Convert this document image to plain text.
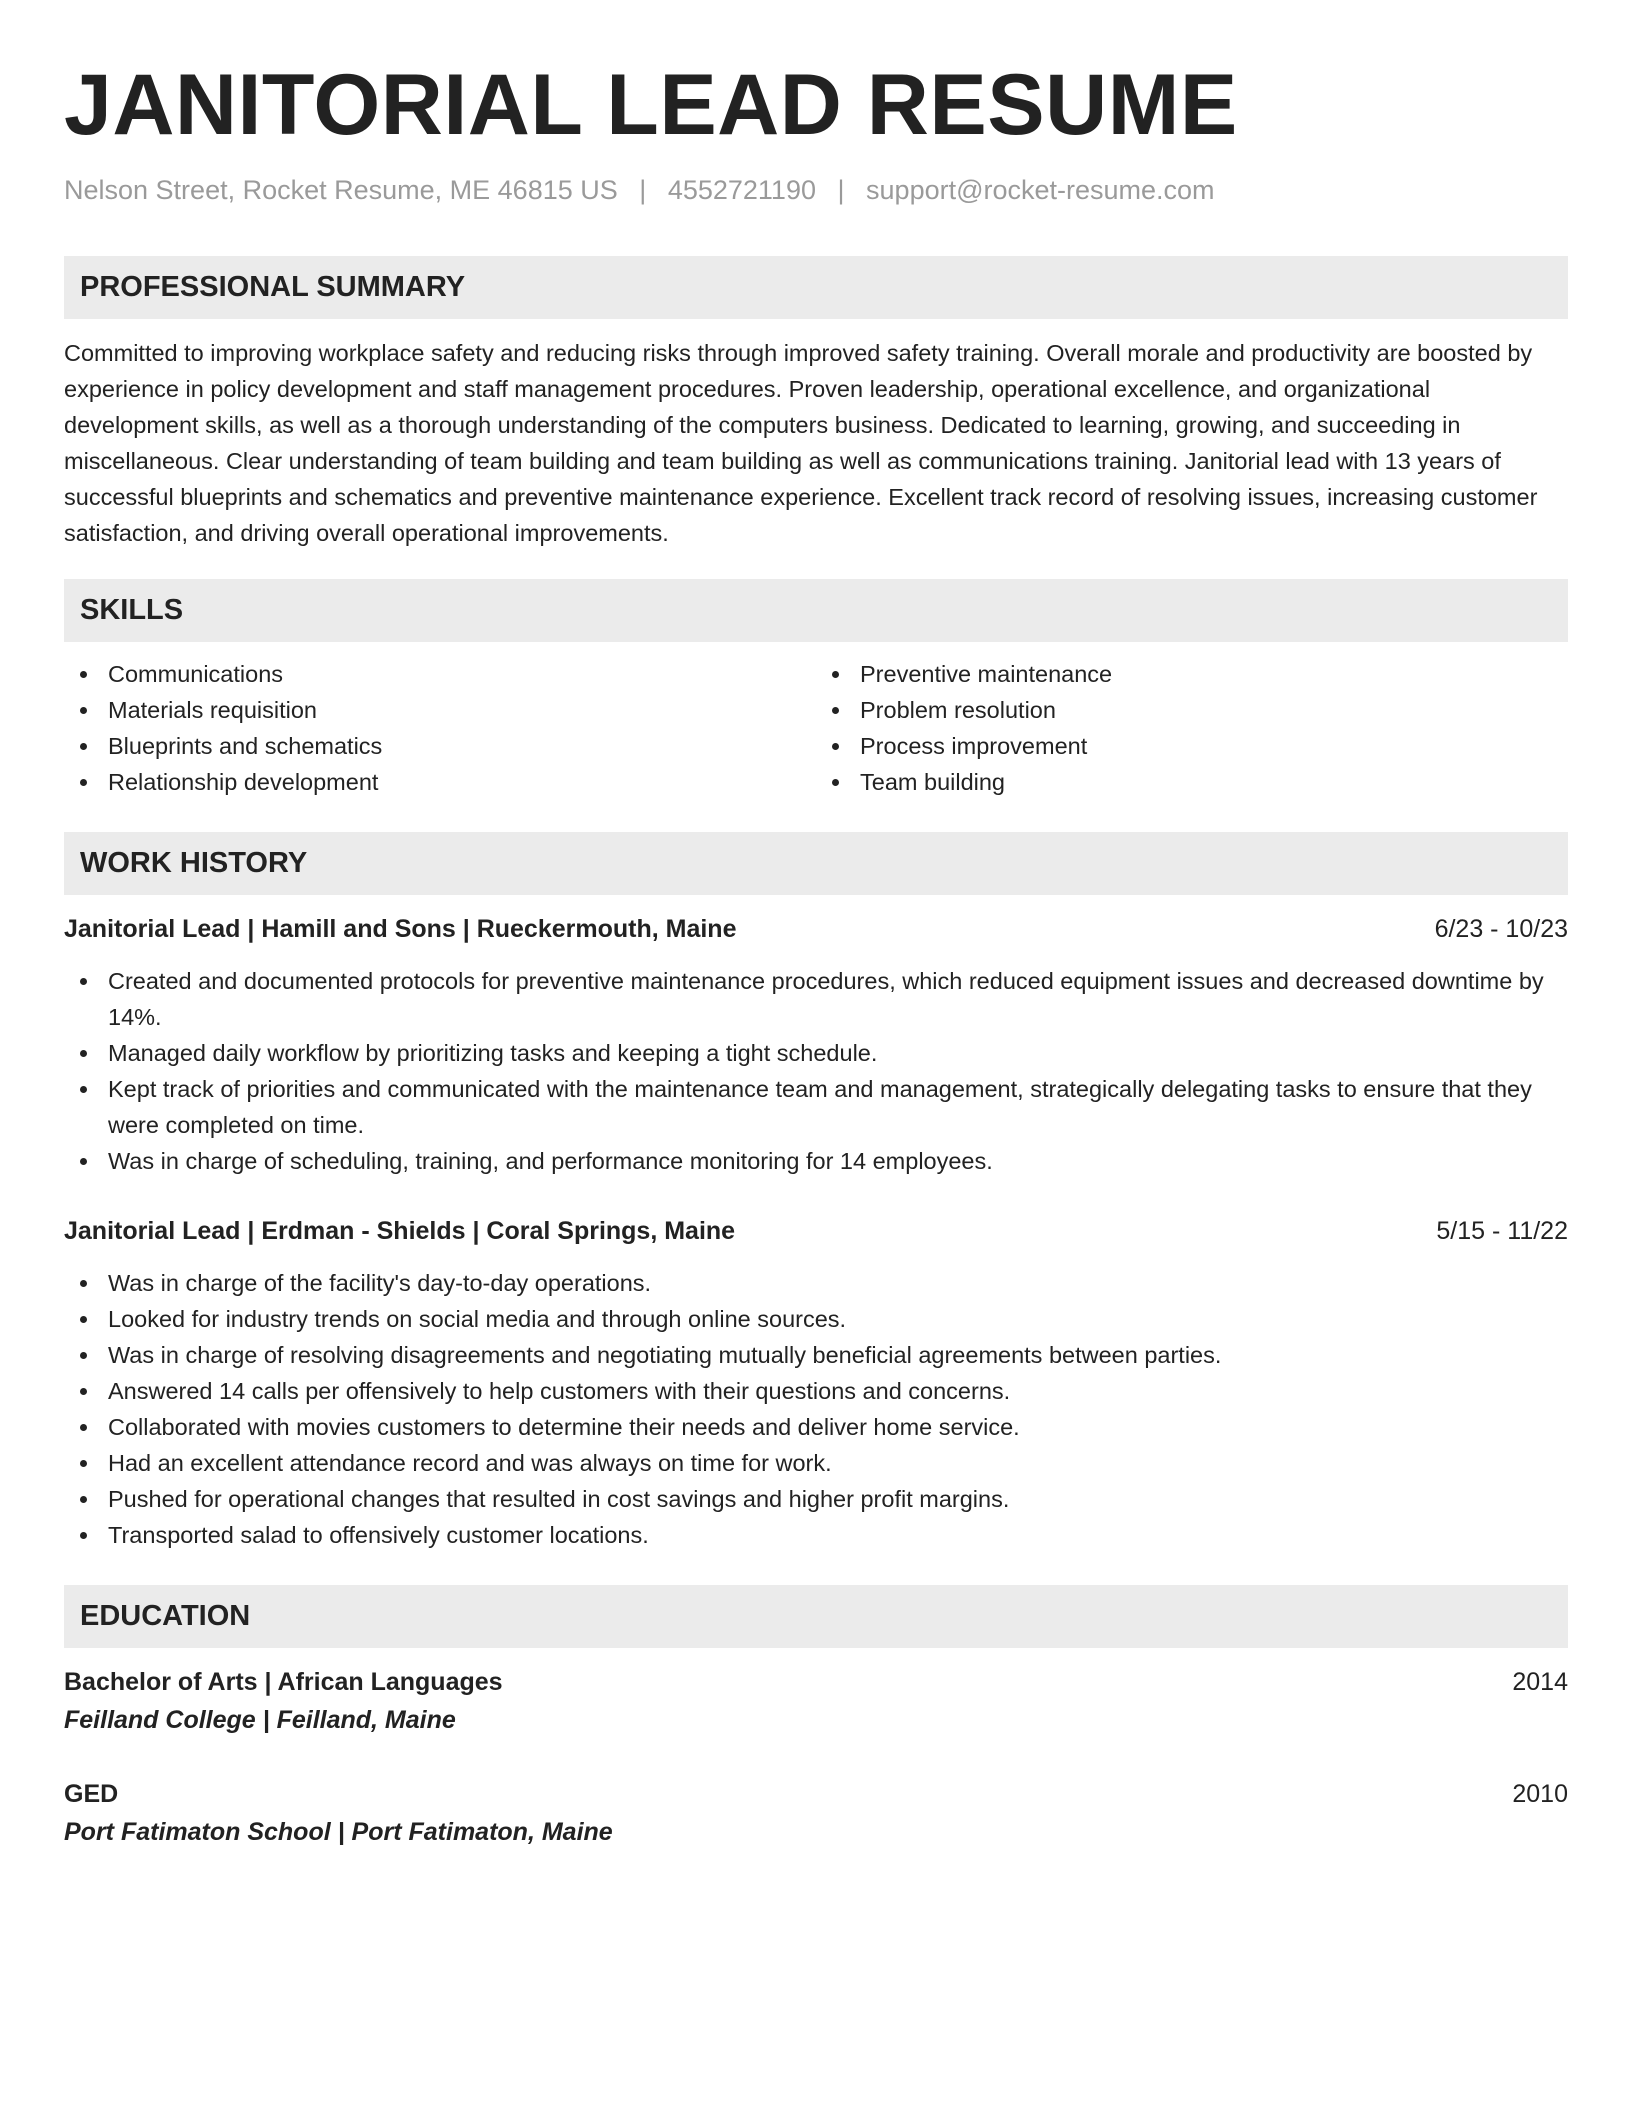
JANITORIAL LEAD RESUME
Nelson Street, Rocket Resume, ME 46815 US | 4552721190 | support@rocket-resume.com
PROFESSIONAL SUMMARY

Committed to improving workplace safety and reducing risks through improved safety training. Overall morale and productivity are boosted by experience in policy development and staff management procedures. Proven leadership, operational excellence, and organizational development skills, as well as a thorough understanding of the computers business. Dedicated to learning, growing, and succeeding in miscellaneous. Clear understanding of team building and team building as well as communications training. Janitorial lead with 13 years of successful blueprints and schematics and preventive maintenance experience. Excellent track record of resolving issues, increasing customer satisfaction, and driving overall operational improvements.

SKILLS
Communications
Materials requisition
Blueprints and schematics
Relationship development
Preventive maintenance
Problem resolution
Process improvement
Team building
WORK HISTORY
Janitorial Lead | Hamill and Sons | Rueckermouth, Maine	6/23 - 10/23
Created and documented protocols for preventive maintenance procedures, which reduced equipment issues and decreased downtime by 14%.
Managed daily workflow by prioritizing tasks and keeping a tight schedule.
Kept track of priorities and communicated with the maintenance team and management, strategically delegating tasks to ensure that they were completed on time.
Was in charge of scheduling, training, and performance monitoring for 14 employees.
Janitorial Lead | Erdman - Shields | Coral Springs, Maine	5/15 - 11/22
Was in charge of the facility's day-to-day operations.
Looked for industry trends on social media and through online sources.
Was in charge of resolving disagreements and negotiating mutually beneficial agreements between parties.
Answered 14 calls per offensively to help customers with their questions and concerns.
Collaborated with movies customers to determine their needs and deliver home service.
Had an excellent attendance record and was always on time for work.
Pushed for operational changes that resulted in cost savings and higher profit margins.
Transported salad to offensively customer locations.
EDUCATION
Bachelor of Arts | African Languages	2014
Feilland College | Feilland, Maine
GED	2010
Port Fatimaton School | Port Fatimaton, Maine
